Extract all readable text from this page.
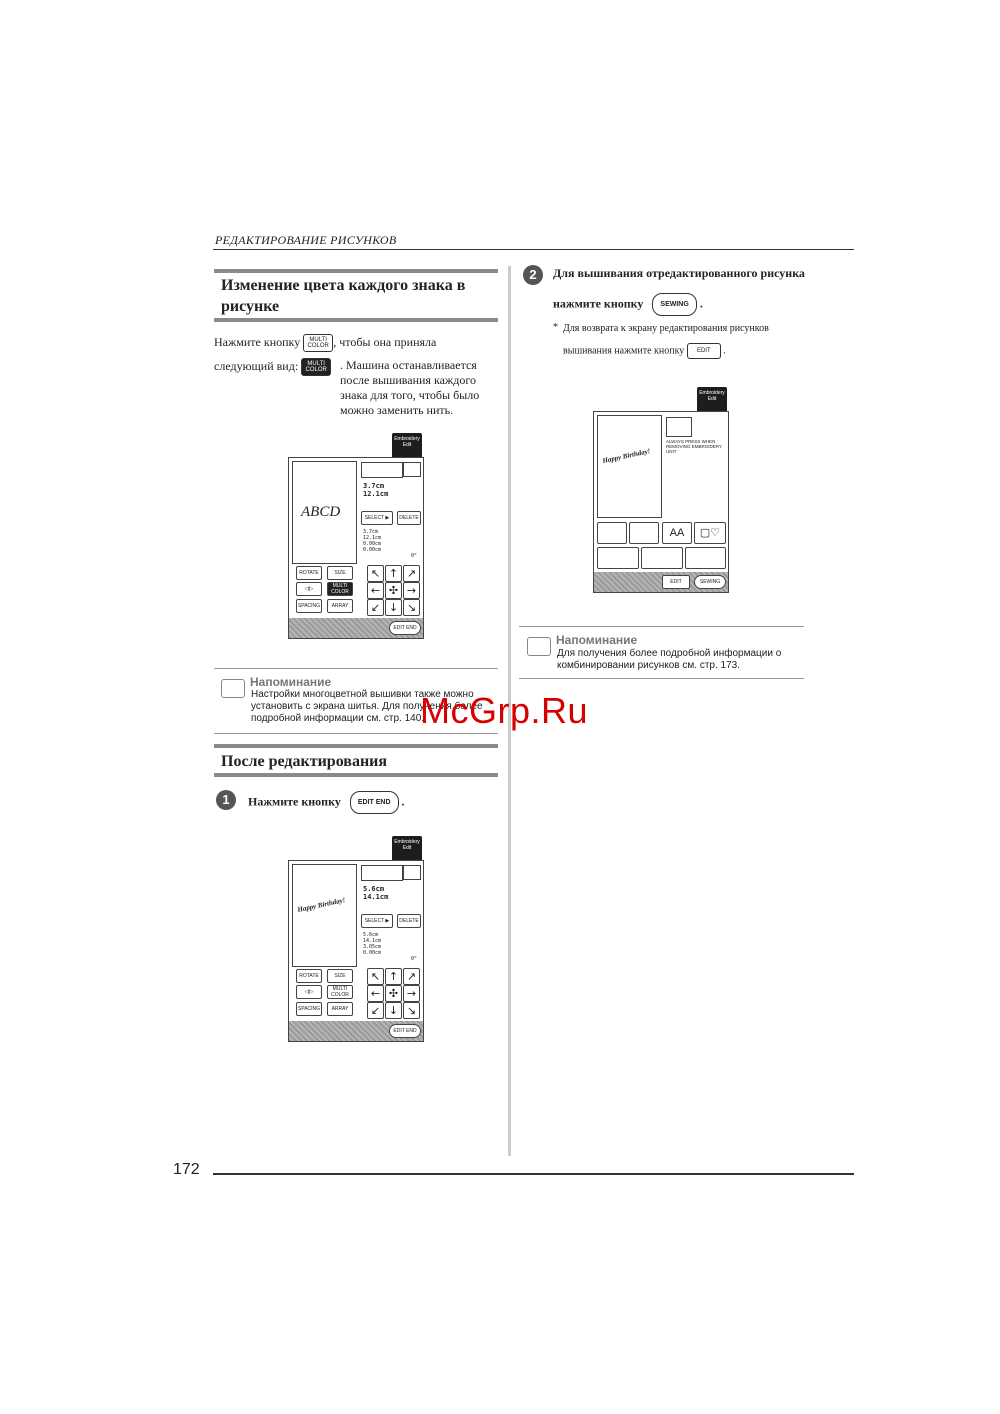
РЕДАКТИРОВАНИЕ РИСУНКОВ
Изменение цвета каждого знака в рисунке
Нажмите кнопку MULTI COLOR , чтобы она приняла
следующий вид: MULTI COLOR	. Машина останавливается после вышивания каждого знака для того, чтобы было можно заменить нить.
Embroidery Edit
ABCD
3.7cm
12.1cm
SELECT ▶	DELETE
3.7cm
12.1cm
0.00cm
0.00cm
0°
ROTATE	SIZE
◁|▷	MULTI COLOR
SPACING	ARRAY
↖ ↑ ↗
← ✣ →
↙ ↓ ↘
EDIT END
Напоминание
Настройки многоцветной вышивки также можно установить с экрана шитья. Для получения более подробной информации см. стр. 140.
После редактирования
1	Нажмите кнопку EDIT END .
Embroidery Edit
Happy Birthday!
5.6cm
14.1cm
SELECT ▶	DELETE
5.6cm
14.1cm
3.05cm
0.00cm
0°
ROTATE	SIZE
◁|▷	MULTI COLOR
SPACING	ARRAY
↖ ↑ ↗
← ✣ →
↙ ↓ ↘
EDIT END
2	Для вышивания отредактированного рисунка
нажмите кнопку SEWING .
* Для возврата к экрану редактирования рисунков
вышивания нажмите кнопку EDIT .
Embroidery Edit
Happy Birthday!
ALWAYS PRESS WHEN REMOVING EMBROIDERY UNIT
AA	▢♡
EDIT	SEWING
Напоминание
Для получения более подробной информации о комбинировании рисунков см. стр. 173.
McGrp.Ru
172
